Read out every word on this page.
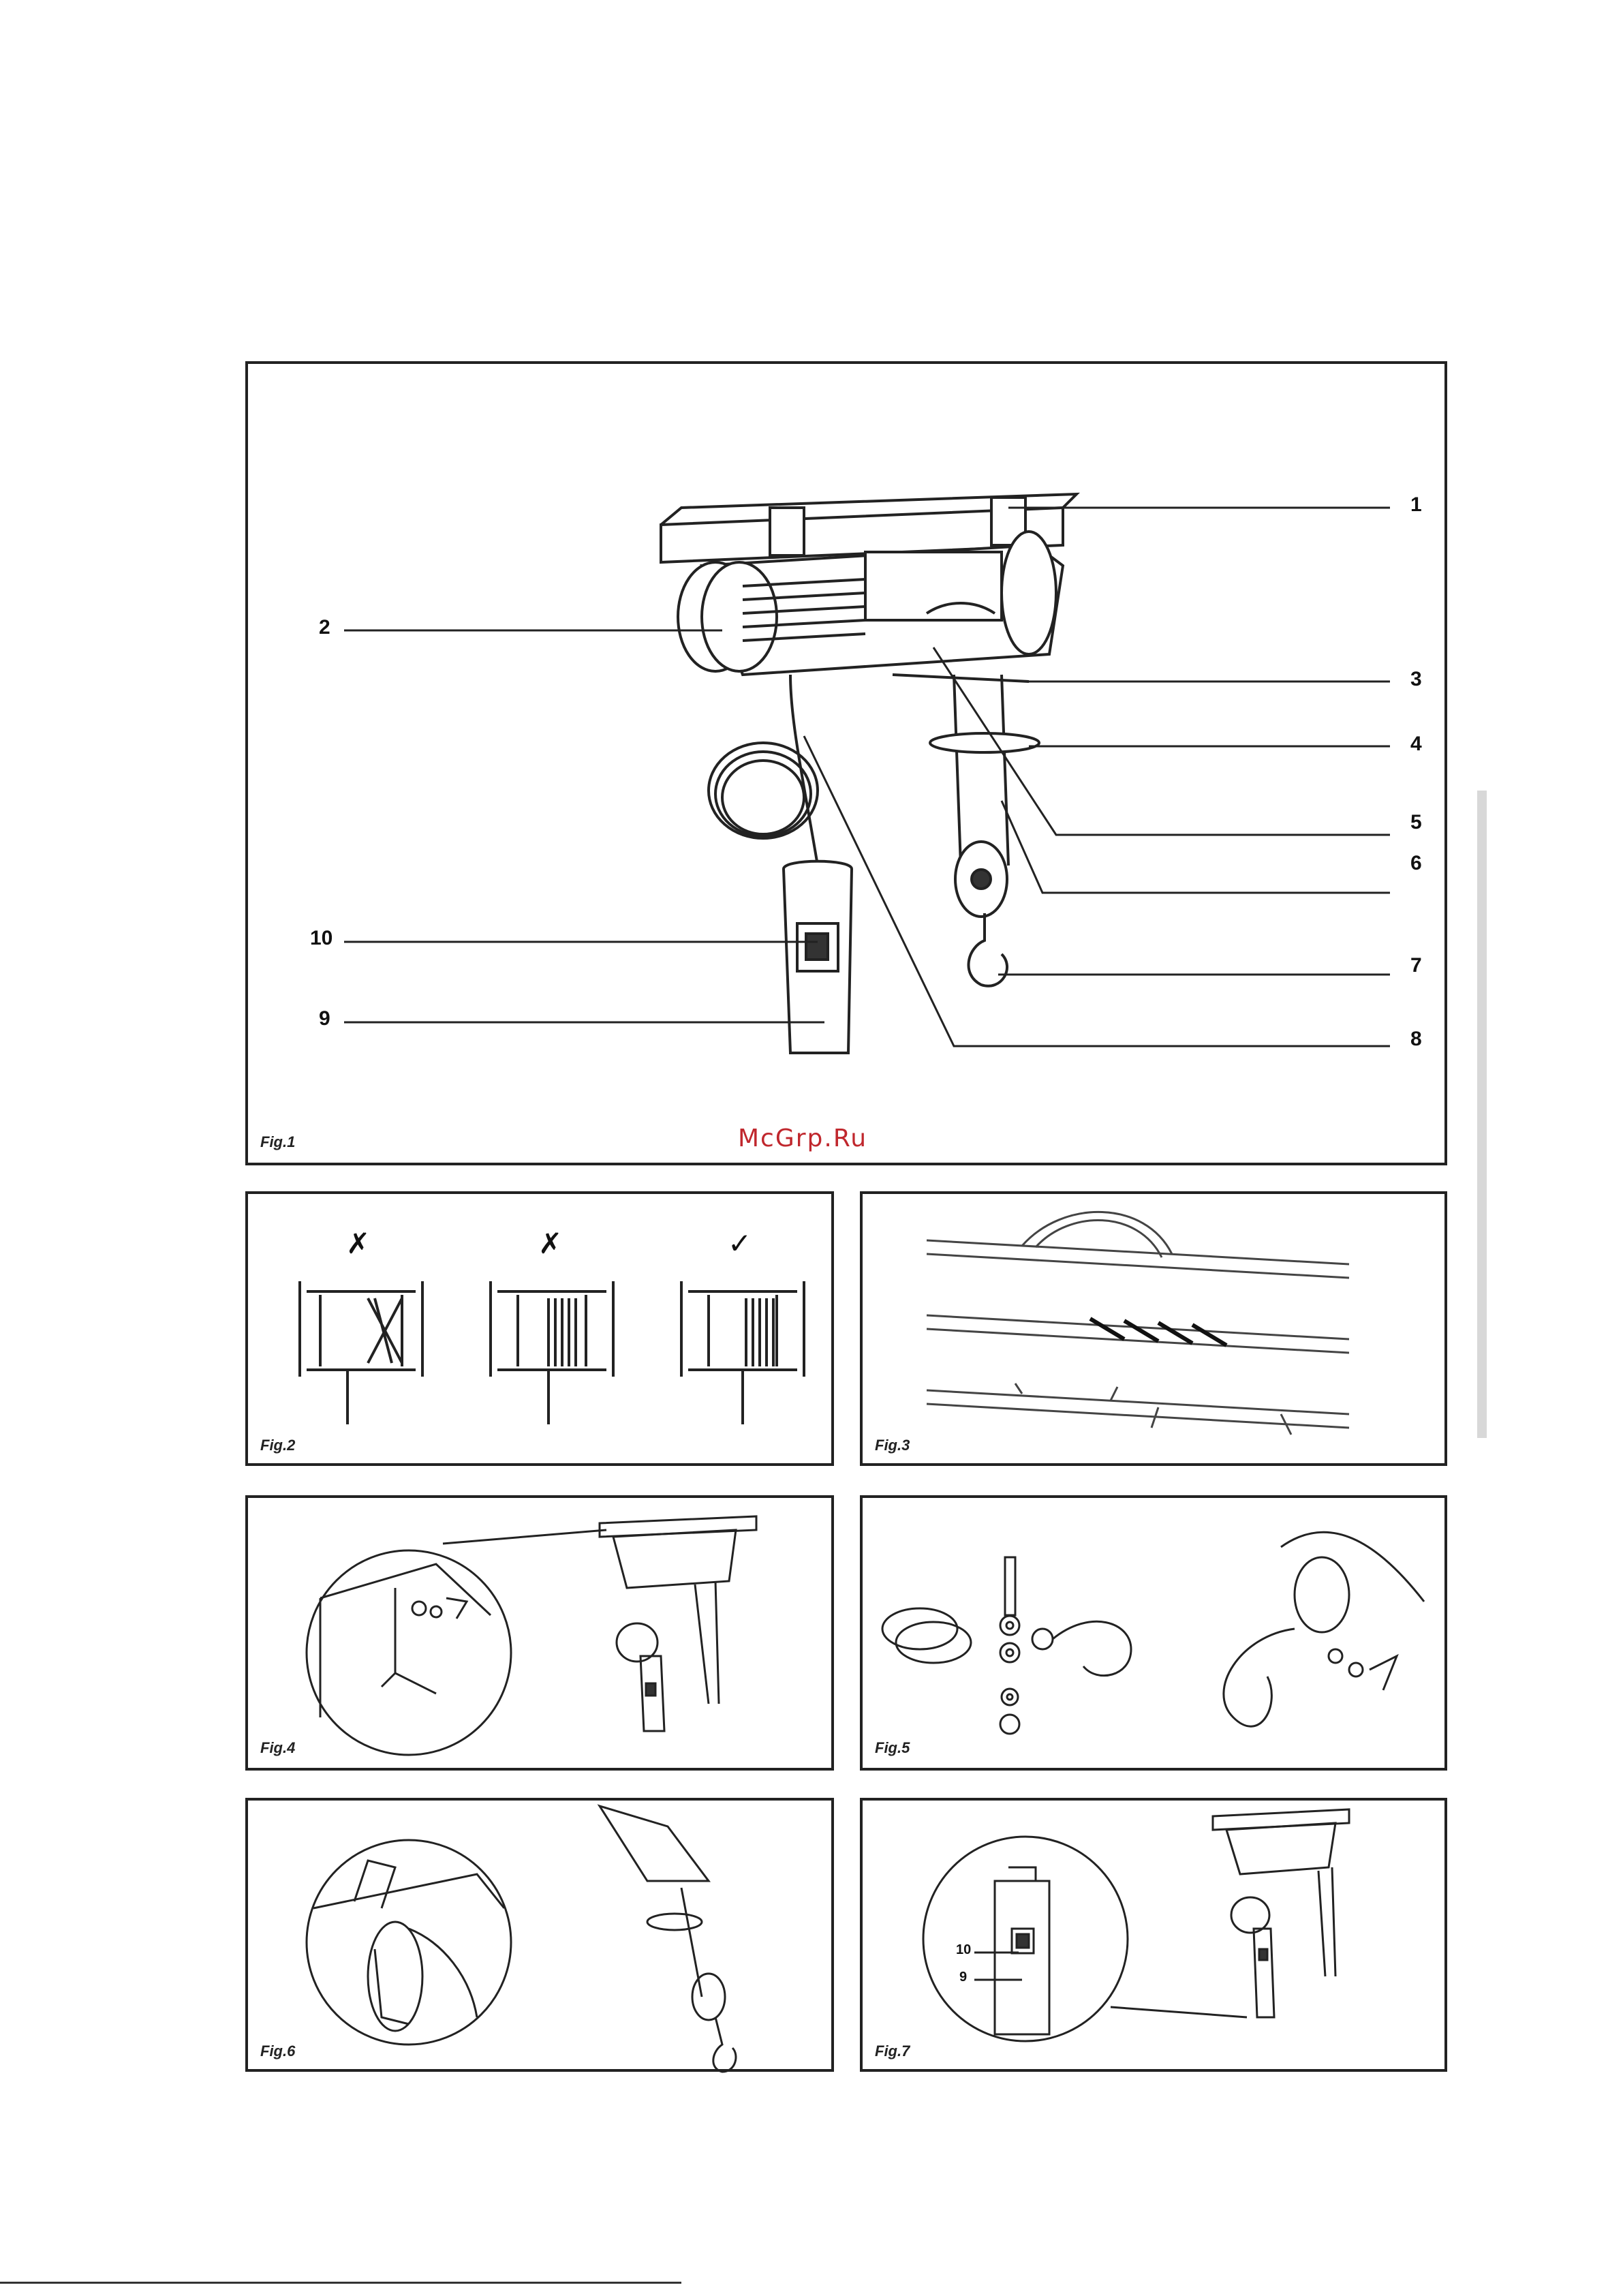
1
2
3
4
5
6
7
8
9
10
Fig.1	McGrp.Ru
✗	✗	✓
Fig.2	Fig.3
Fig.4	Fig.5
Fig.6
10
9
Fig.7
